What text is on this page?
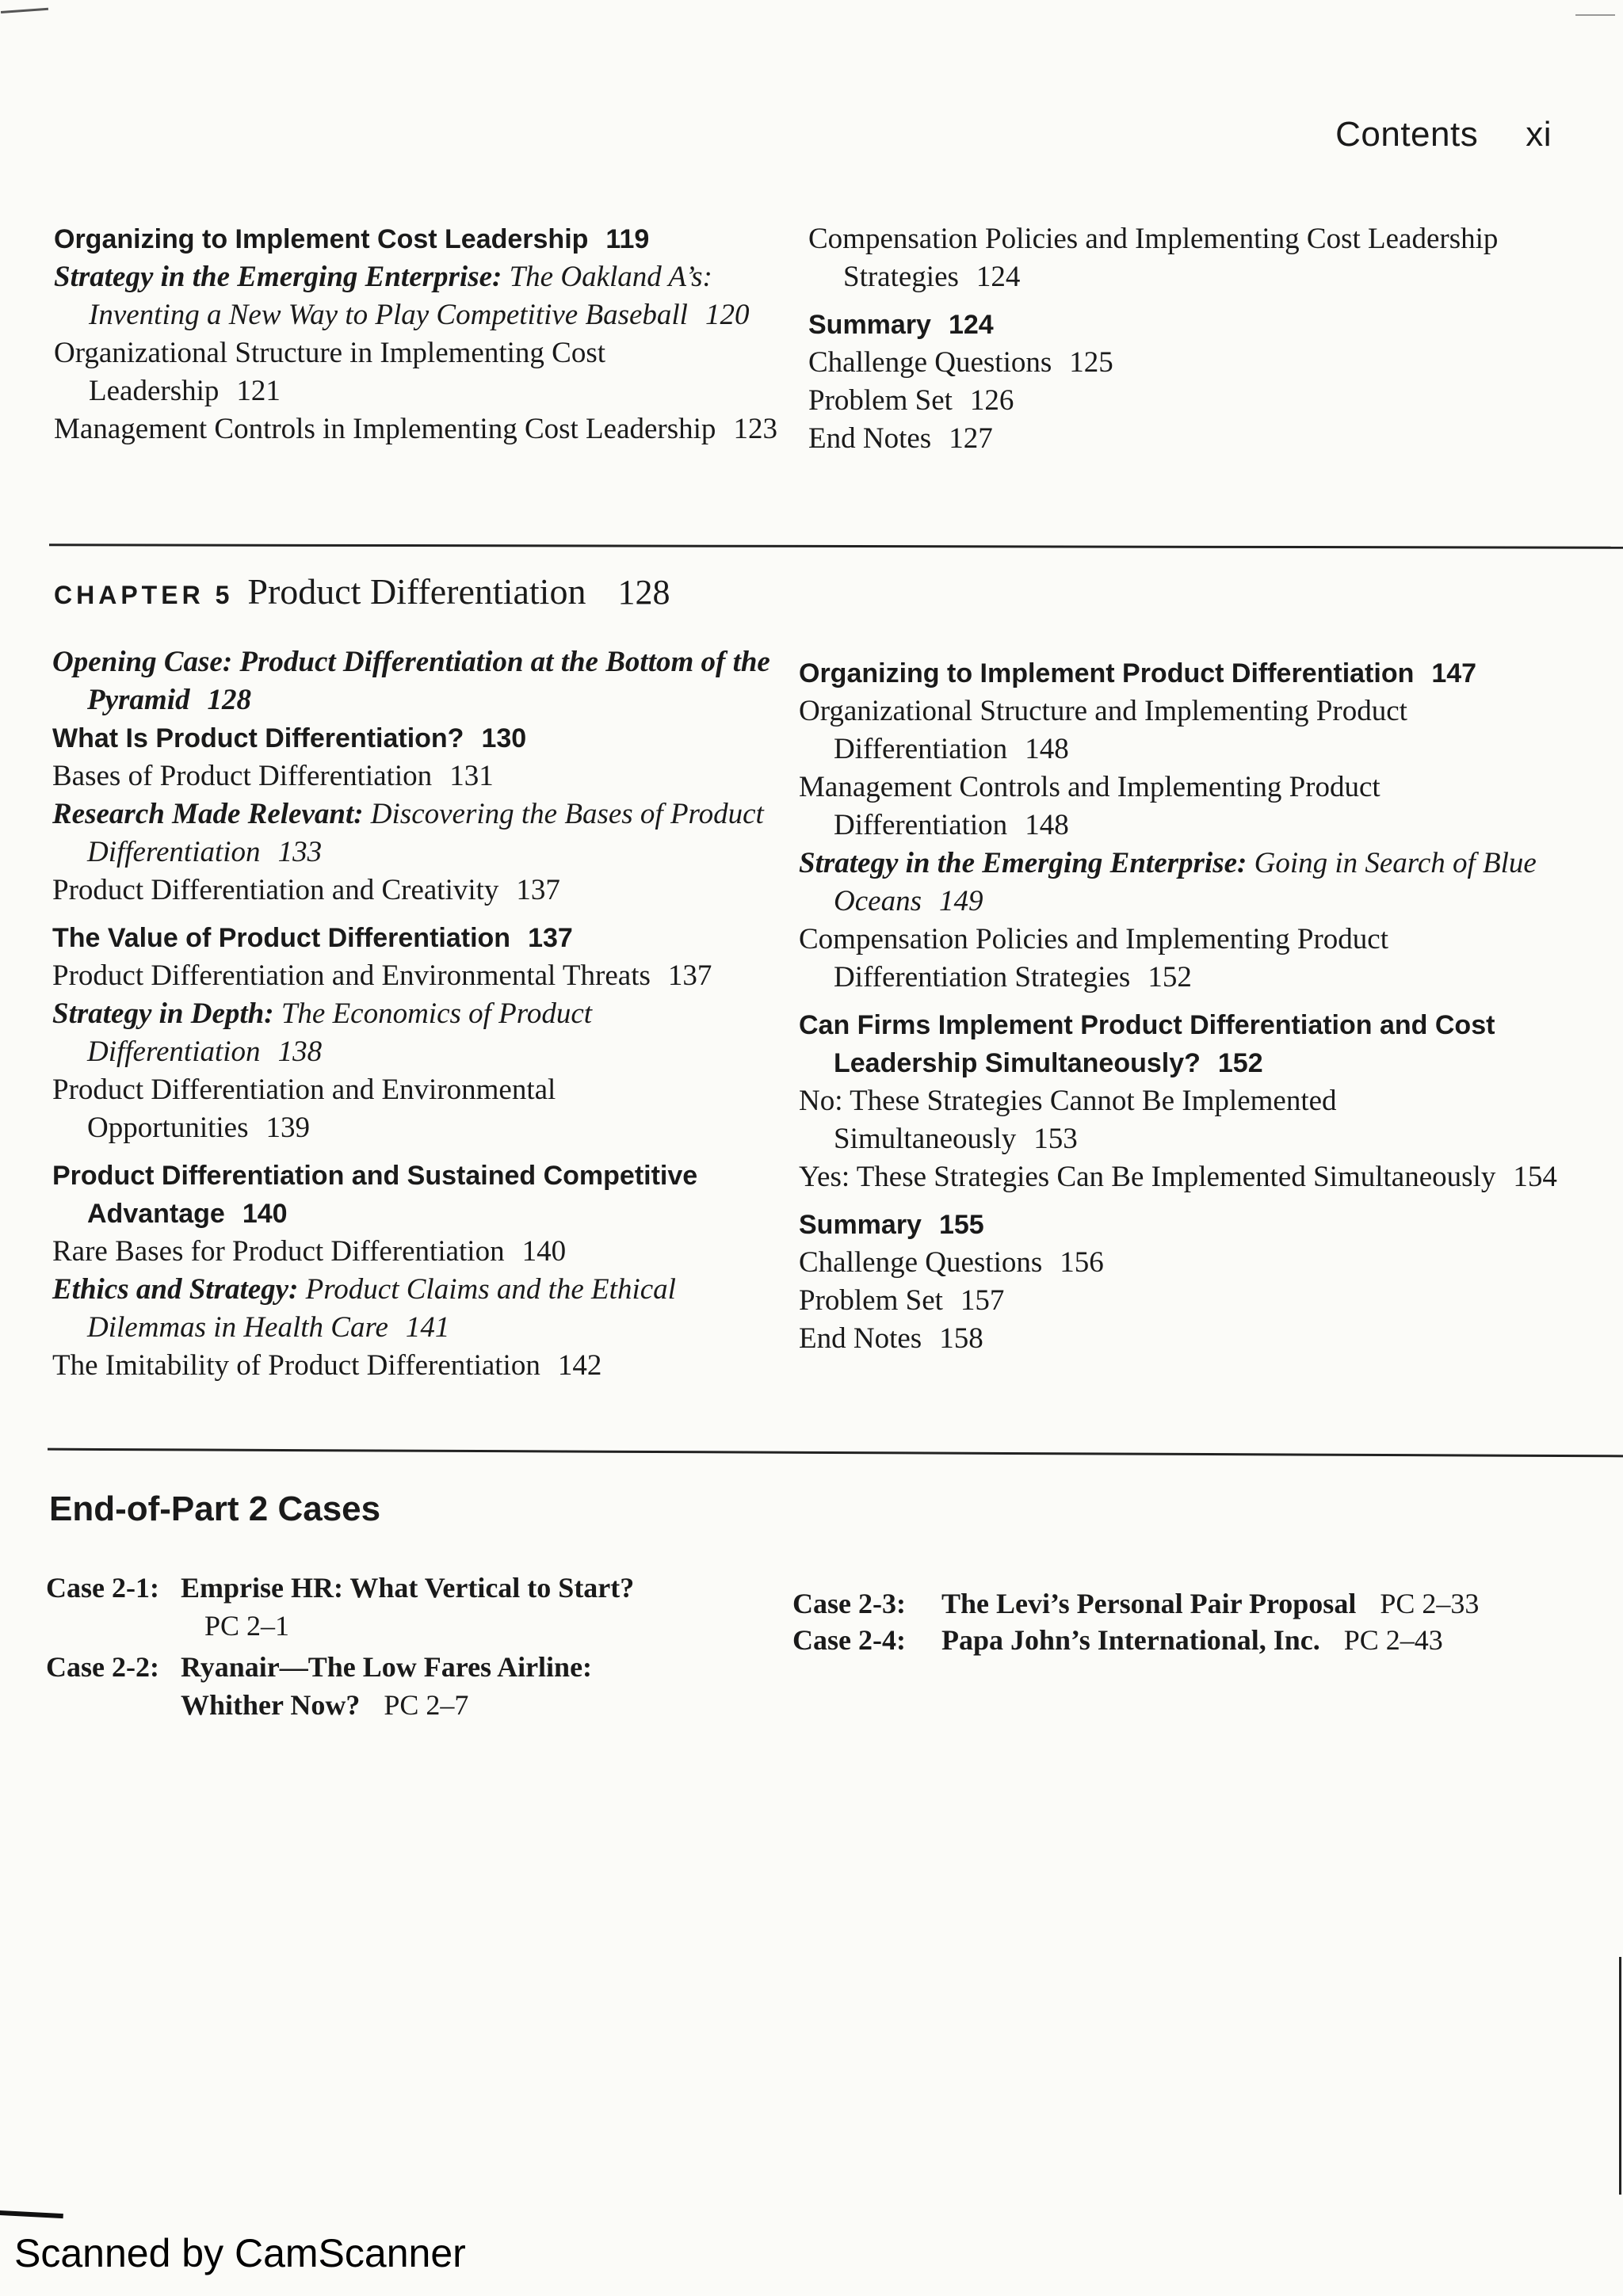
Contents xi
Organizing to Implement Cost Leadership 119
Strategy in the Emerging Enterprise: The Oakland A’s: Inventing a New Way to Play Competitive Baseball 120
Organizational Structure in Implementing Cost Leadership 121
Management Controls in Implementing Cost Leadership 123
Compensation Policies and Implementing Cost Leadership Strategies 124
Summary 124
Challenge Questions 125
Problem Set 126
End Notes 127
CHAPTER 5 Product Differentiation 128
Opening Case: Product Differentiation at the Bottom of the Pyramid 128
What Is Product Differentiation? 130
Bases of Product Differentiation 131
Research Made Relevant: Discovering the Bases of Product Differentiation 133
Product Differentiation and Creativity 137
The Value of Product Differentiation 137
Product Differentiation and Environmental Threats 137
Strategy in Depth: The Economics of Product Differentiation 138
Product Differentiation and Environmental Opportunities 139
Product Differentiation and Sustained Competitive Advantage 140
Rare Bases for Product Differentiation 140
Ethics and Strategy: Product Claims and the Ethical Dilemmas in Health Care 141
The Imitability of Product Differentiation 142
Organizing to Implement Product Differentiation 147
Organizational Structure and Implementing Product Differentiation 148
Management Controls and Implementing Product Differentiation 148
Strategy in the Emerging Enterprise: Going in Search of Blue Oceans 149
Compensation Policies and Implementing Product Differentiation Strategies 152
Can Firms Implement Product Differentiation and Cost Leadership Simultaneously? 152
No: These Strategies Cannot Be Implemented Simultaneously 153
Yes: These Strategies Can Be Implemented Simultaneously 154
Summary 155
Challenge Questions 156
Problem Set 157
End Notes 158
End-of-Part 2 Cases
Case 2-1: Emprise HR: What Vertical to Start?PC 2–1
Case 2-2: Ryanair—The Low Fares Airline: Whither Now? PC 2–7
Case 2-3:	The Levi’s Personal Pair Proposal PC 2–33
Case 2-4:	Papa John’s International, Inc. PC 2–43
Scanned by CamScanner
